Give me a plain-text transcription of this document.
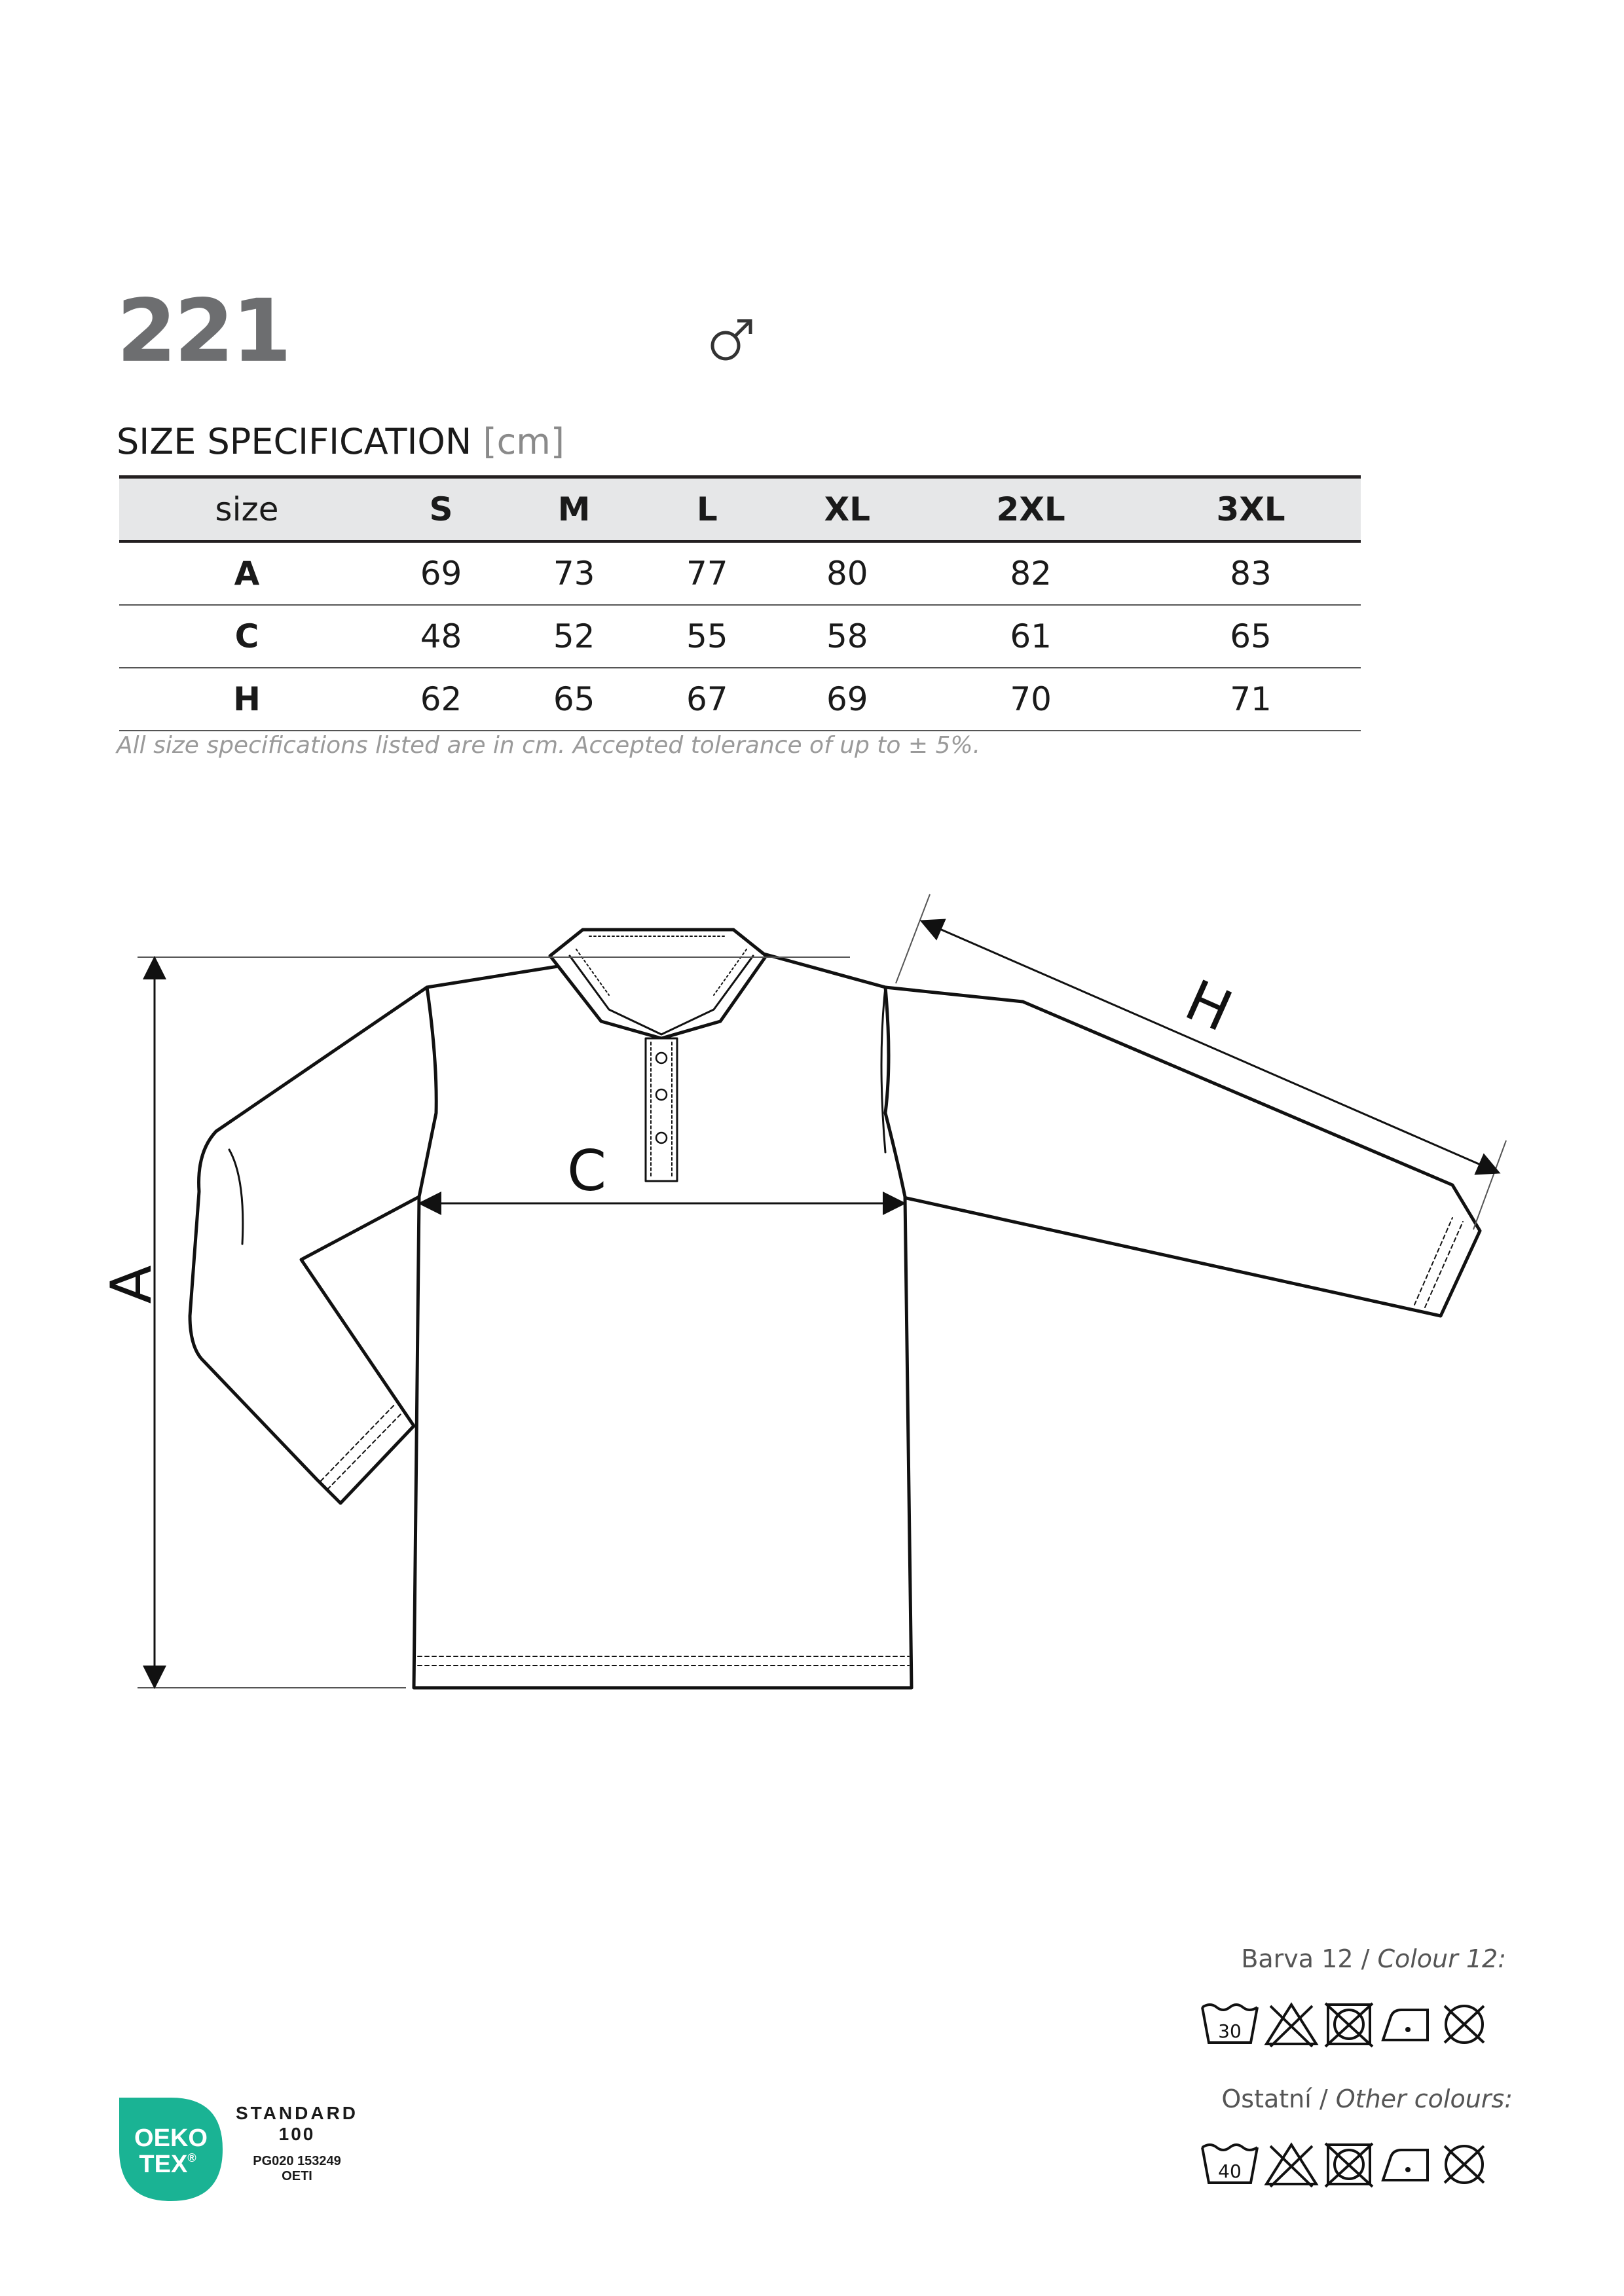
221
SIZE SPECIFICATION [cm]
size	S	M	L	XL	2XL	3XL
A	69	73	77	80	82	83
C	48	52	55	58	61	65
H	62	65	67	69	70	71
All size specifications listed are in cm. Accepted tolerance of up to ± 5%.
A
C
H
Barva 12 / Colour 12:
30
Ostatní / Other colours:
40
OEKO
TEX®
STANDARD
100
PG020 153249
OETI
